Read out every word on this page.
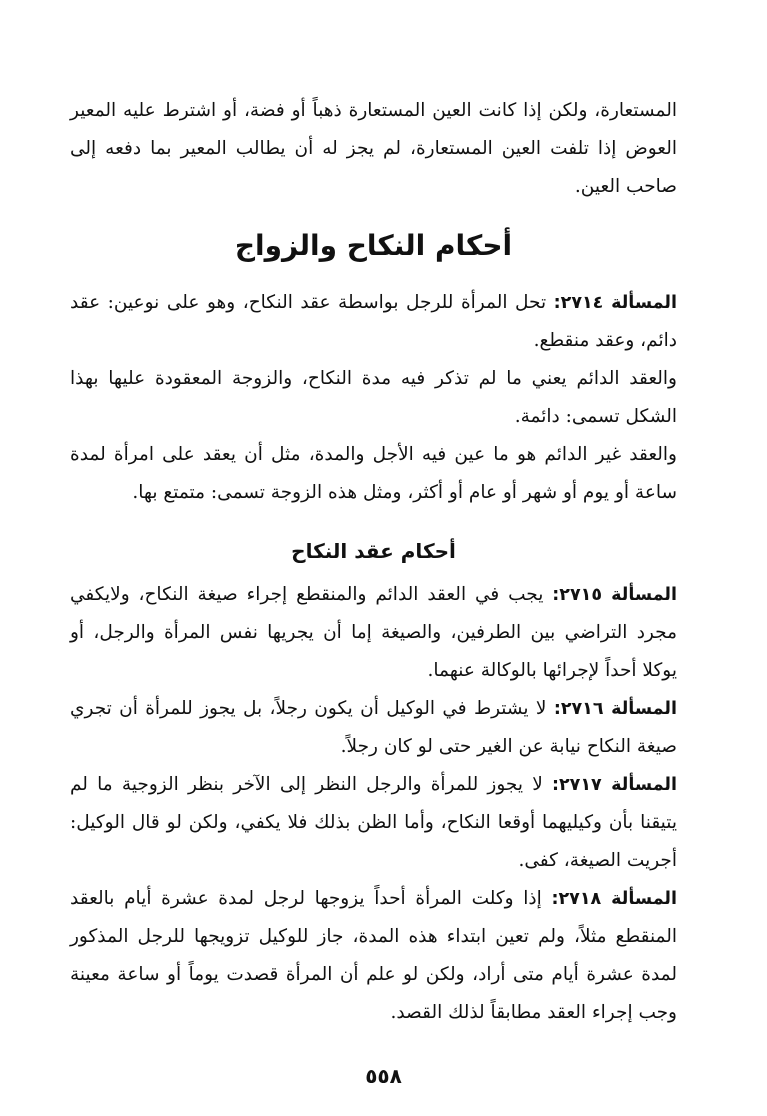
المستعارة، ولكن إذا كانت العين المستعارة ذهباً أو فضة، أو اشترط عليه المعير العوض إذا تلفت العين المستعارة، لم يجز له أن يطالب المعير بما دفعه إلى صاحب العين.

أحكام النكاح والزواج

المسألة ٢٧١٤: تحل المرأة للرجل بواسطة عقد النكاح، وهو على نوعين: عقد دائم، وعقد منقطع.

والعقد الدائم يعني ما لم تذكر فيه مدة النكاح، والزوجة المعقودة عليها بهذا الشكل تسمى: دائمة.

والعقد غير الدائم هو ما عين فيه الأجل والمدة، مثل أن يعقد على امرأة لمدة ساعة أو يوم أو شهر أو عام أو أكثر، ومثل هذه الزوجة تسمى: متمتع بها.

أحكام عقد النكاح

المسألة ٢٧١٥: يجب في العقد الدائم والمنقطع إجراء صيغة النكاح، ولايكفي مجرد التراضي بين الطرفين، والصيغة إما أن يجريها نفس المرأة والرجل، أو يوكلا أحداً لإجرائها بالوكالة عنهما.

المسألة ٢٧١٦: لا يشترط في الوكيل أن يكون رجلاً، بل يجوز للمرأة أن تجري صيغة النكاح نيابة عن الغير حتى لو كان رجلاً.

المسألة ٢٧١٧: لا يجوز للمرأة والرجل النظر إلى الآخر بنظر الزوجية ما لم يتيقنا بأن وكيليهما أوقعا النكاح، وأما الظن بذلك فلا يكفي، ولكن لو قال الوكيل: أجريت الصيغة، كفى.

المسألة ٢٧١٨: إذا وكلت المرأة أحداً يزوجها لرجل لمدة عشرة أيام بالعقد المنقطع مثلاً، ولم تعين ابتداء هذه المدة، جاز للوكيل تزويجها للرجل المذكور لمدة عشرة أيام متى أراد، ولكن لو علم أن المرأة قصدت يوماً أو ساعة معينة وجب إجراء العقد مطابقاً لذلك القصد.

٥٥٨
